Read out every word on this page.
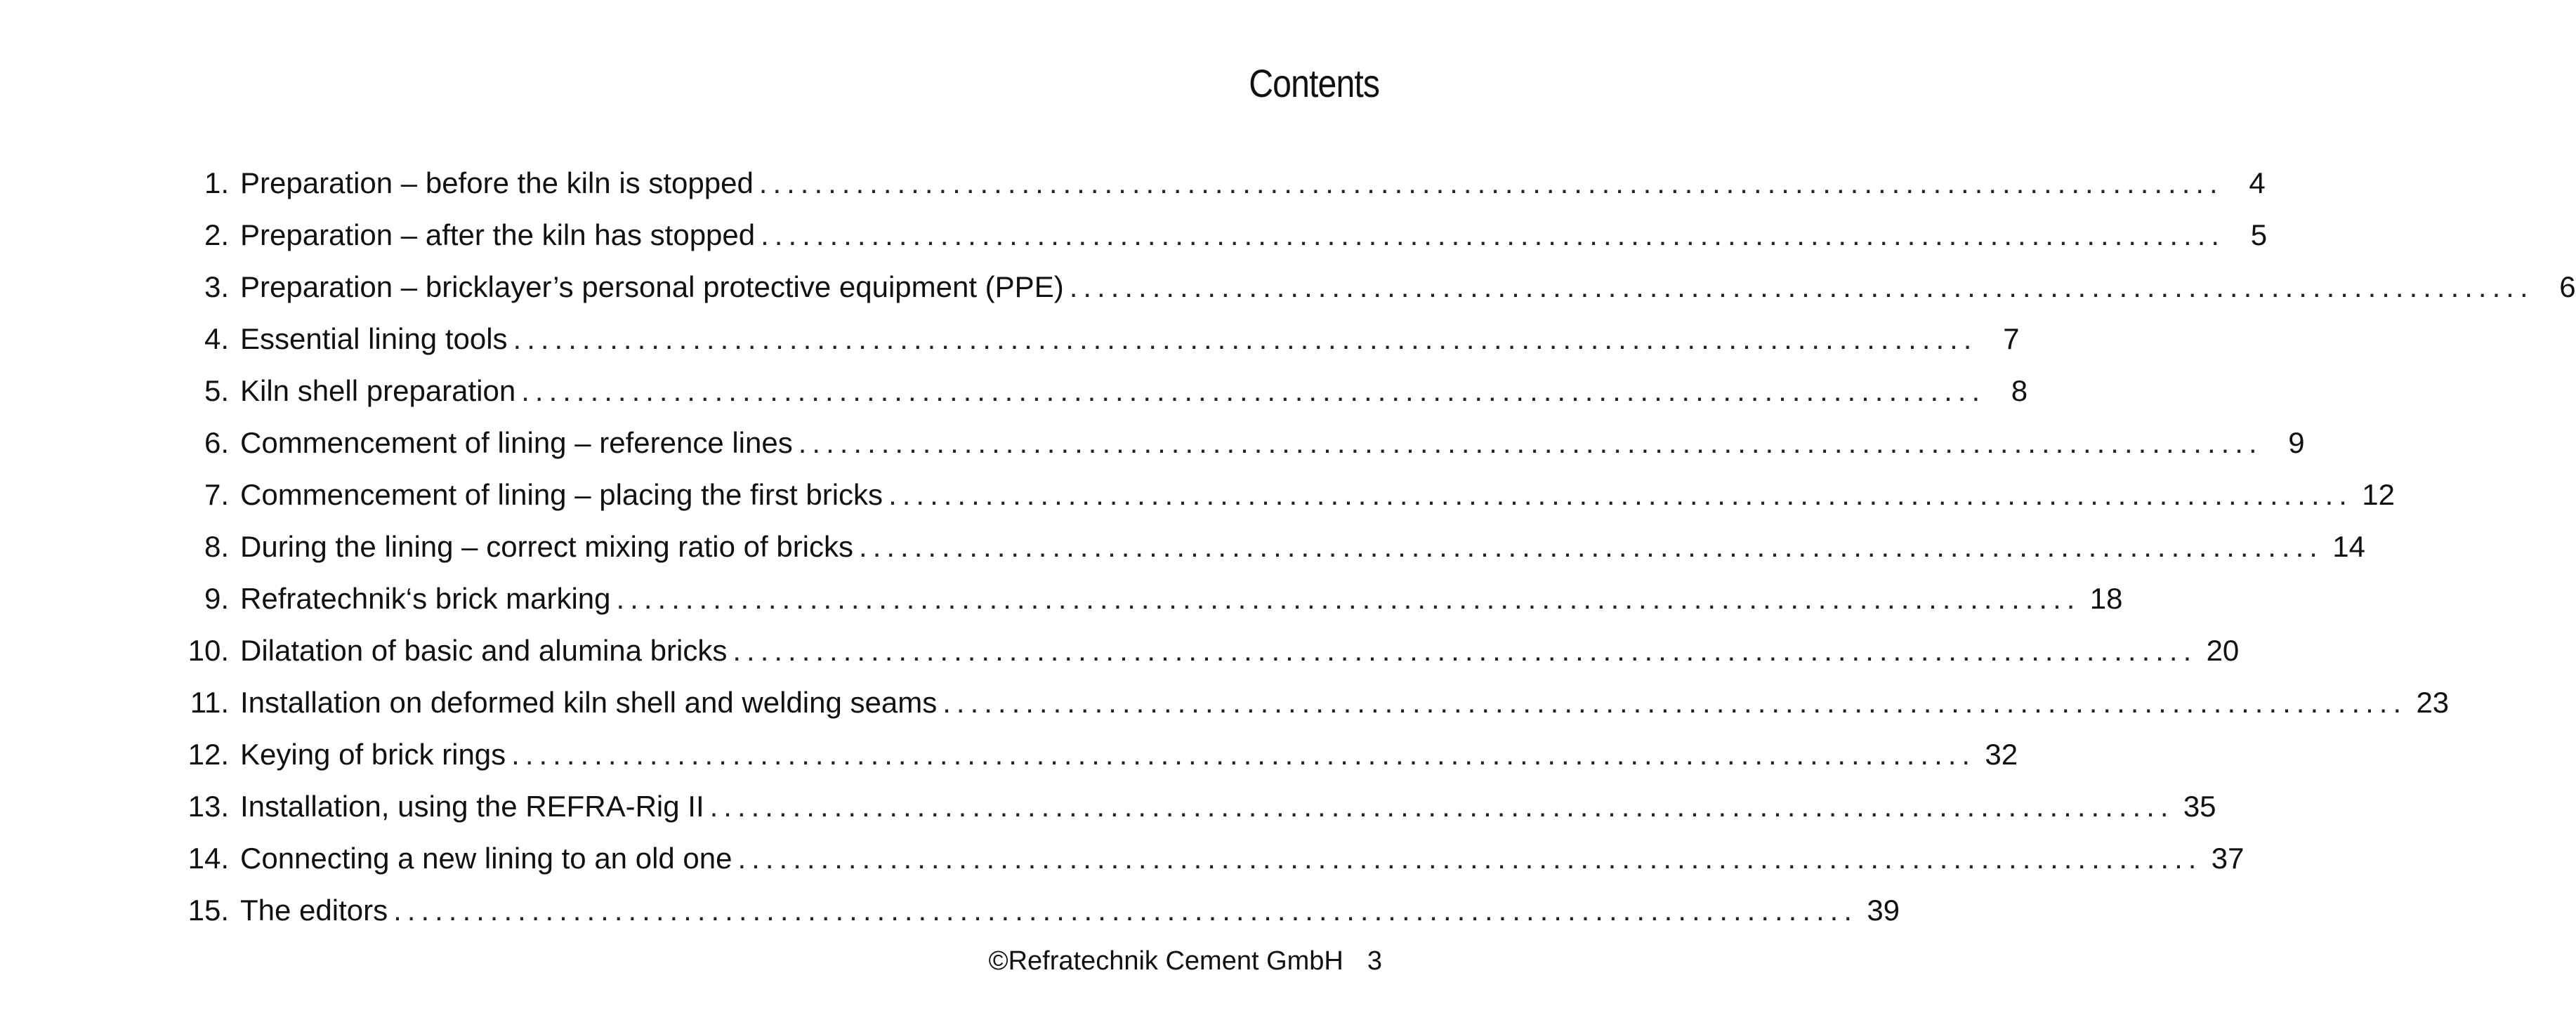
Contents
1. Preparation – before the kiln is stopped .......................................................................................................... 4
2. Preparation – after the kiln has stopped .......................................................................................................... 5
3. Preparation – bricklayer’s personal protective equipment (PPE) .......................................................................................................... 6
4. Essential lining tools .......................................................................................................... 7
5. Kiln shell preparation .......................................................................................................... 8
6. Commencement of lining – reference lines .......................................................................................................... 9
7. Commencement of lining – placing the first bricks .......................................................................................................... 12
8. During the lining – correct mixing ratio of bricks .......................................................................................................... 14
9. Refratechnik‘s brick marking .......................................................................................................... 18
10. Dilatation of basic and alumina bricks .......................................................................................................... 20
11. Installation on deformed kiln shell and welding seams .......................................................................................................... 23
12. Keying of brick rings .......................................................................................................... 32
13. Installation, using the REFRA-Rig II .......................................................................................................... 35
14. Connecting a new lining to an old one .......................................................................................................... 37
15. The editors .......................................................................................................... 39
©Refratechnik Cement GmbH 3
